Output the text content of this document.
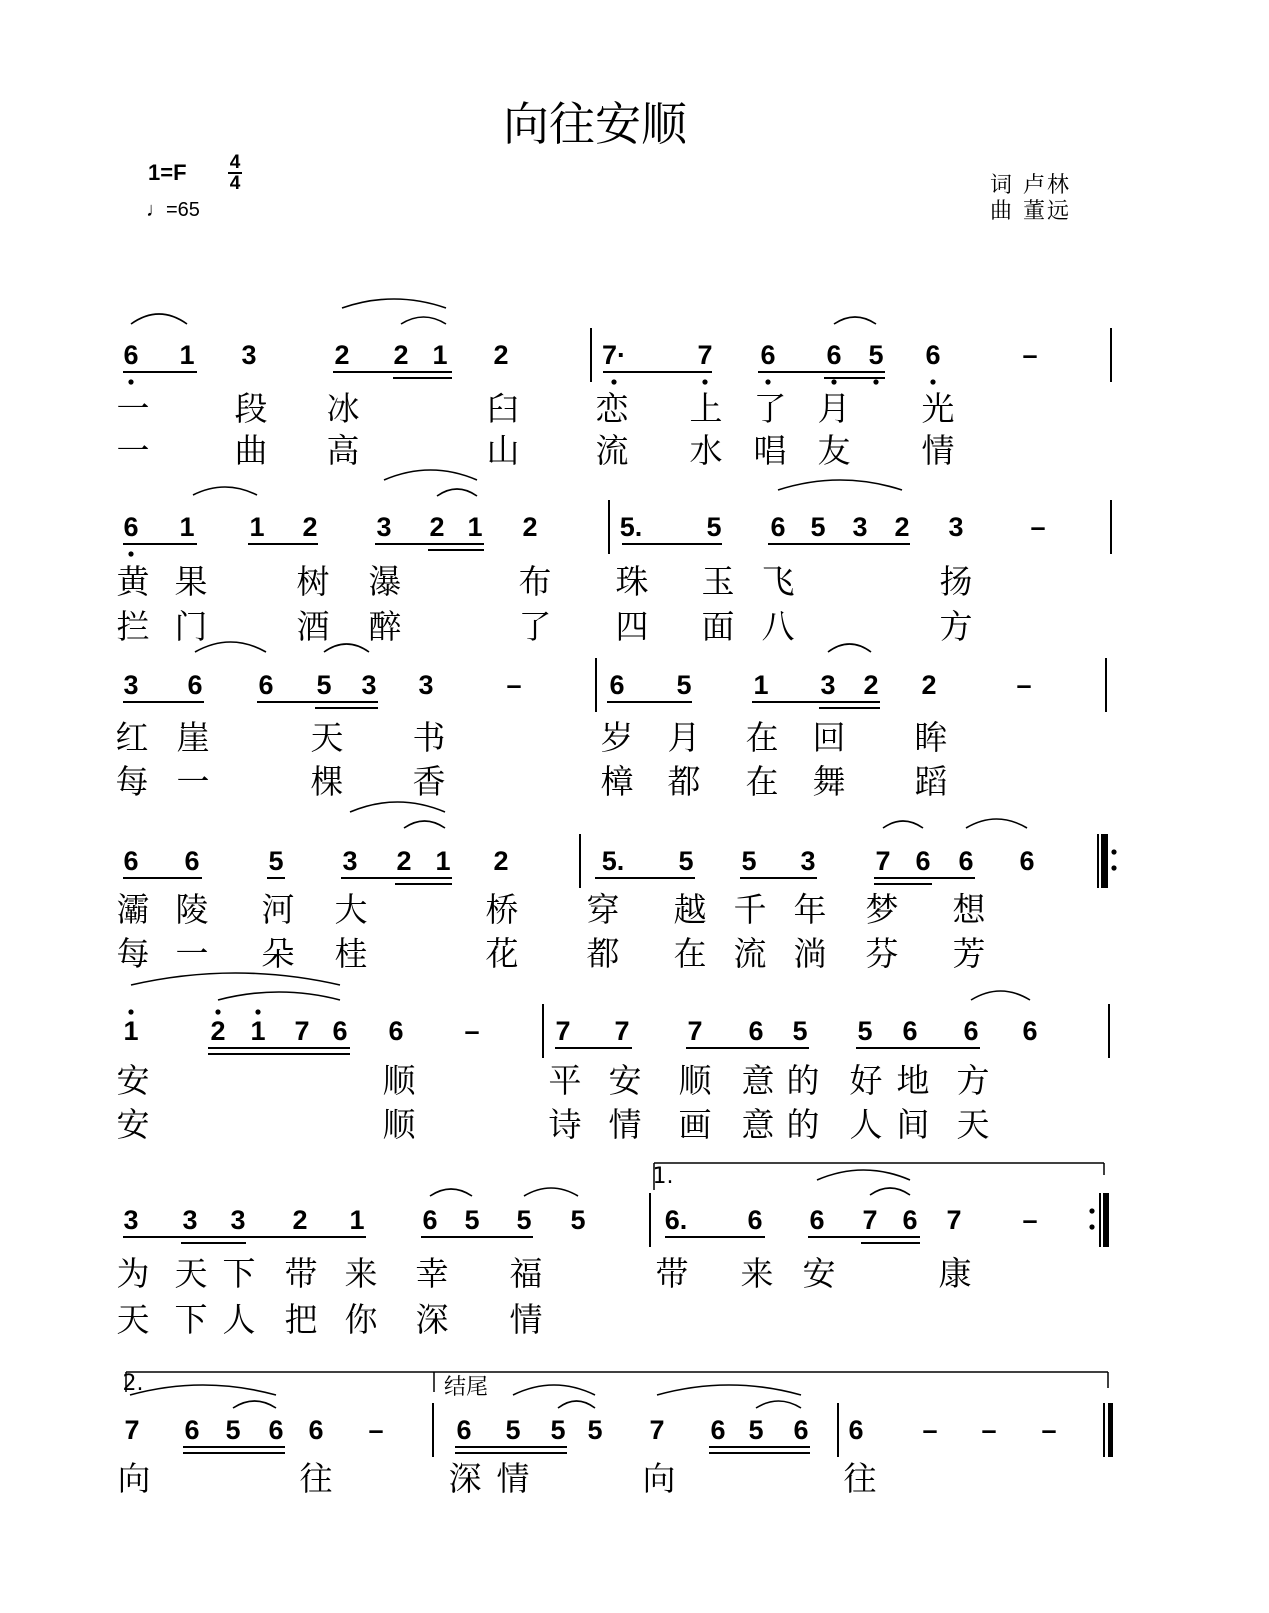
向往安顺
1=F 4
4
♩=65
词 卢林
曲 董远
6 1 3	2 2 1 2	7·	7 6 6 5 6	–
一	段 冰	臼 恋 上 了 月 光
一	曲 高	山 流 水 唱 友 情
6 1 1 2 3 2 1 2	5. 5 6 5 3 2 3 –
黄 果	树 瀑	布 珠 玉 飞	扬
拦 门	酒 醉	了 四 面 八	方
3 6 6 5 3 3	–	6 5 1 3 2 2	–
红 崖	天 书	岁 月 在 回 眸
每 一	棵 香	樟 都 在 舞 蹈
6 6	5 3 2 1 2	5. 5 5 3 7 6 6 6
灞 陵 河 大	桥 穿 越 千 年 梦 想
每 一 朵 桂	花 都 在 流 淌 芬 芳
1	2 1 7 6 6 –	7 7 7 6 5 5 6 6 6
安	顺	平 安 顺 意 的 好 地 方
安	顺	诗 情 画 意 的 人 间 天
3 3 3 2 1 6 5 5 5	6. 6 6 7 6 7 –
为 天 下 带 来 幸 福	带 来 安	康
天 下 人 把 你 深 情
7 6 5 6 6 –	6 5 5 5 7 6 5 6 6 – – –
向	往	深 情	向	往
1.
2.	结尾
